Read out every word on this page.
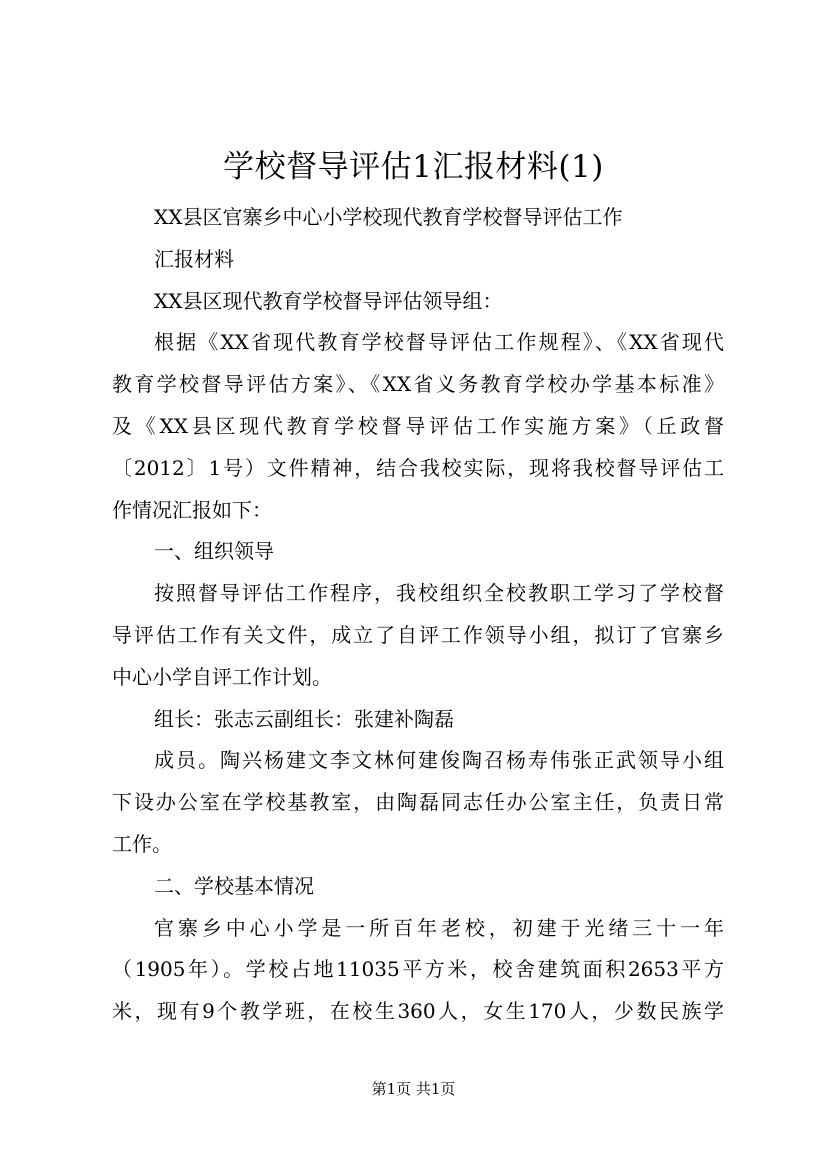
学校督导评估1汇报材料(1)
XX县区官寨乡中心小学校现代教育学校督导评估工作
汇报材料
XX县区现代教育学校督导评估领导组：
根据《XX省现代教育学校督导评估工作规程》、《XX省现代
教育学校督导评估方案》、《XX省义务教育学校办学基本标准》
及《XX县区现代教育学校督导评估工作实施方案》（丘政督
〔2012〕1号）文件精神，结合我校实际，现将我校督导评估工
作情况汇报如下：
一、组织领导
按照督导评估工作程序，我校组织全校教职工学习了学校督
导评估工作有关文件，成立了自评工作领导小组，拟订了官寨乡
中心小学自评工作计划。
组长：张志云副组长：张建补陶磊
成员。陶兴杨建文李文林何建俊陶召杨寿伟张正武领导小组
下设办公室在学校基教室，由陶磊同志任办公室主任，负责日常
工作。
二、学校基本情况
官寨乡中心小学是一所百年老校，初建于光绪三十一年
（1905年）。学校占地11035平方米，校舍建筑面积2653平方
米，现有9个教学班，在校生360人，女生170人，少数民族学
第1页 共1页
